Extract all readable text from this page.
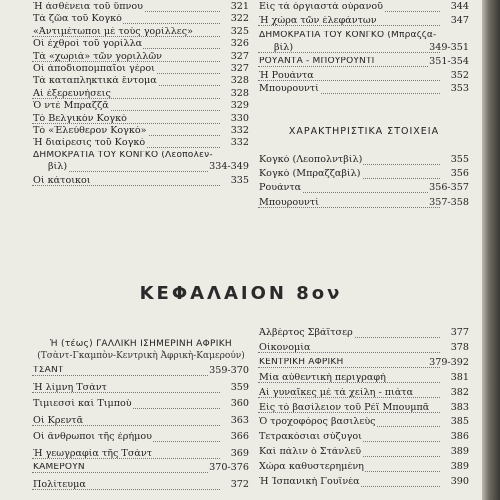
Ἡ ἀσθένεια τοῦ ὕπνου	321
Τὰ ζῶα τοῦ Κογκὸ	322
«Ἀντιμέτωποι μὲ τοὺς γορίλλες»	325
Οἱ ἐχθροὶ τοῦ γορίλλα	326
Τὰ «χωριὰ» τῶν γοριλλῶν	327
Οἱ ἀποδιοπομπαῖοι γέροι	327
Τὰ καταπληκτικὰ ἔντομα	328
Αἱ ἐξερευνήσεις	328
Ὁ ντὲ Μπραζζᾶ	329
Τὸ Βελγικὸν Κογκὸ	330
Τὸ «Ἐλεύθερον Κογκὸ»	332
Ἡ διαίρεσις τοῦ Κογκὸ	332
ΔΗΜΟΚΡΑΤΙΑ ΤΟΥ ΚΟΝΓΚΟ (Λεοπολεν-
βίλ)	334-349
Οἱ κάτοικοι	335
Εἰς τὰ ὀργιαστὰ οὐρανοῦ	344
Ἡ χώρα τῶν ἐλεφάντων	347
ΔΗΜΟΚΡΑΤΙΑ ΤΟΥ ΚΟΝΓΚΟ (Μπραζζα-
βίλ)	349-351
ΡΟΥΑΝΤΑ - ΜΠΟΥΡΟΥΝΤΙ	351-354
Ἡ Ρουάντα	352
Μπουρουντί	353
ΧΑΡΑΚΤΗΡΙΣΤΙΚΑ ΣΤΟΙΧΕΙΑ
Κογκὸ (Λεοπολντβίλ)	355
Κογκὸ (Μπραζζαβίλ)	356
Ρουάντα	356-357
Μπουρουντί	357-358
ΚΕΦΑΛΑΙΟΝ 8ον
Ἡ (τέως) ΓΑΛΛΙΚΗ ΙΣΗΜΕΡΙΝΗ ΑΦΡΙΚΗ
(Τσὰντ-Γκαμπὸν-Κεντρικὴ Ἀφρικὴ-Καμερούν)
ΤΣΑΝΤ	359-370
Ἡ λίμνη Τσὰντ	359
Τιμιεσσὶ καὶ Τιμποὺ	360
Οἱ Κρεντᾶ	363
Οἱ ἄνθρωποι τῆς ἐρήμου	366
Ἡ γεωγραφία τῆς Τσὰντ	369
ΚΑΜΕΡΟΥΝ	370-376
Πολίτευμα	372
Ἀλβέρτος Σβάϊτσερ	377
Οἰκονομία	378
ΚΕΝΤΡΙΚΗ ΑΦΡΙΚΗ	379-392
Μία αὐθεντικὴ περιγραφή	381
Αἱ γυναῖκες μὲ τὰ χείλη - πιάτα	382
Εἰς τὸ βασίλειον τοῦ Ρὲϊ Μπουμπᾶ 383
Ὁ τροχοφόρος βασιλεὺς	385
Τετρακόσιαι σύζυγοι	386
Καὶ πάλιν ὁ Στάνλεϋ	389
Χώρα καθυστερημένη	389
Ἡ Ἰσπανικὴ Γουϊνέα	390
